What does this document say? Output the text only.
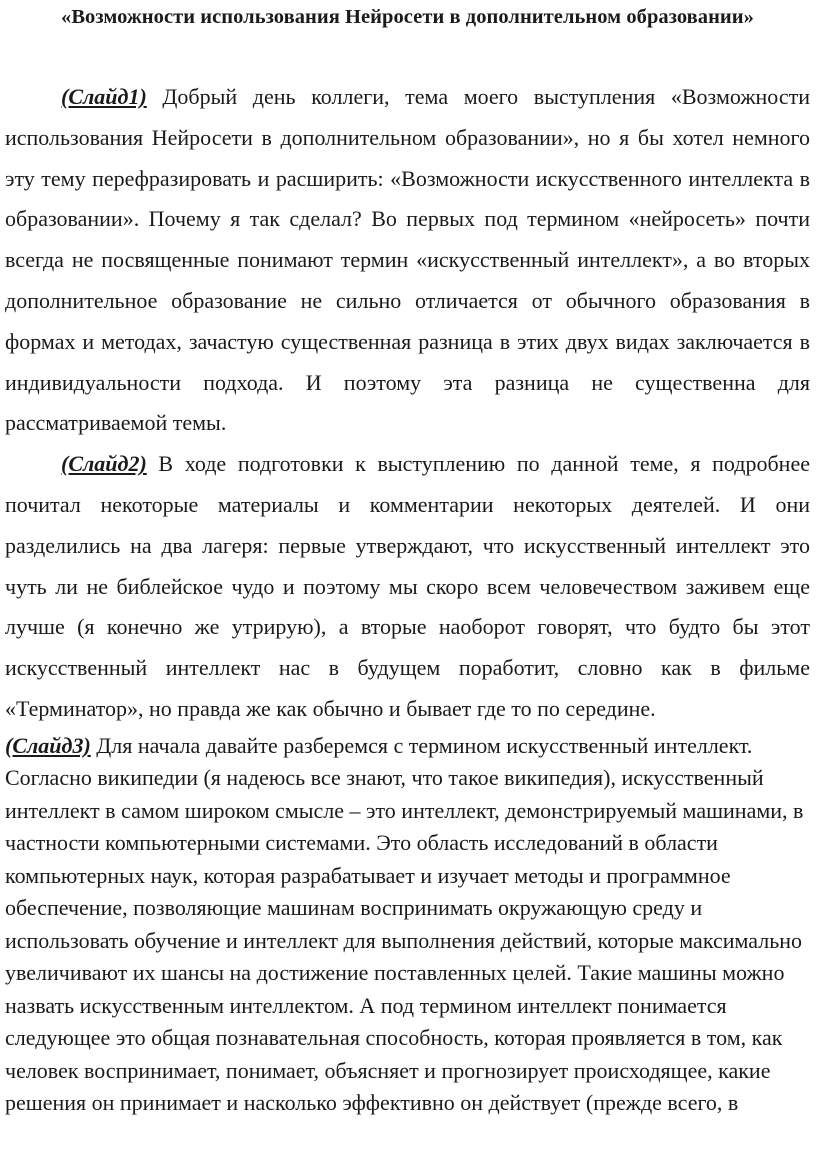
«Возможности использования Нейросети в дополнительном образовании»

(Слайд1) Добрый день коллеги, тема моего выступления «Возможности использования Нейросети в дополнительном образовании», но я бы хотел немного эту тему перефразировать и расширить: «Возможности искусственного интеллекта в образовании». Почему я так сделал? Во первых под термином «нейросеть» почти всегда не посвященные понимают термин «искусственный интеллект», а во вторых дополнительное образование не сильно отличается от обычного образования в формах и методах, зачастую существенная разница в этих двух видах заключается в индивидуальности подхода. И поэтому эта разница не существенна для рассматриваемой темы.

(Слайд2) В ходе подготовки к выступлению по данной теме, я подробнее почитал некоторые материалы и комментарии некоторых деятелей. И они разделились на два лагеря: первые утверждают, что искусственный интеллект это чуть ли не библейское чудо и поэтому мы скоро всем человечеством заживем еще лучше (я конечно же утрирую), а вторые наоборот говорят, что будто бы этот искусственный интеллект нас в будущем поработит, словно как в фильме «Терминатор», но правда же как обычно и бывает где то по середине.

(Слайд3) Для начала давайте разберемся с термином искусственный интеллект. Согласно википедии (я надеюсь все знают, что такое википедия), искусственный интеллект в самом широком смысле – это интеллект, демонстрируемый машинами, в частности компьютерными системами. Это область исследований в области компьютерных наук, которая разрабатывает и изучает методы и программное обеспечение, позволяющие машинам воспринимать окружающую среду и использовать обучение и интеллект для выполнения действий, которые максимально увеличивают их шансы на достижение поставленных целей. Такие машины можно назвать искусственным интеллектом. А под термином интеллект понимается следующее это общая познавательная способность, которая проявляется в том, как человек воспринимает, понимает, объясняет и прогнозирует происходящее, какие решения он принимает и насколько эффективно он действует (прежде всего, в
